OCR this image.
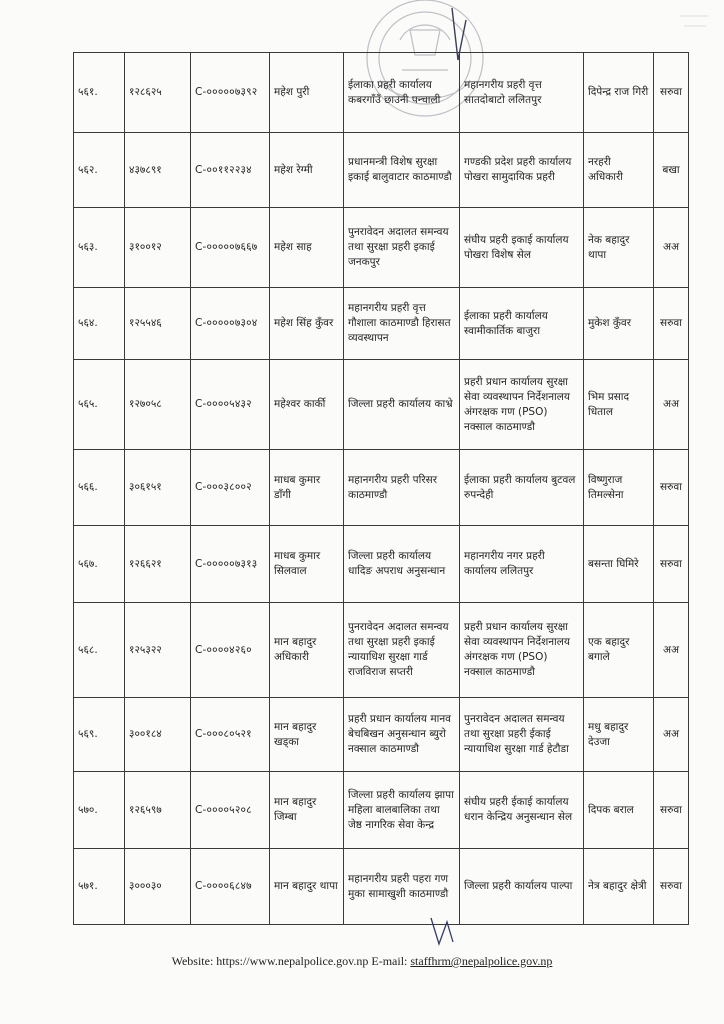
५६१.	१२८६२५	C-०००००७३९२	महेश पुरी	ईलाका प्रहरी कार्यालय कबरगाँउँ छाउनी पन्चाली	महानगरीय प्रहरी वृत्त सातदोबाटो ललितपुर	दिपेन्द्र राज गिरी	सरुवा
५६२.	४३७८९१	C-००११२२३४	महेश रेग्मी	प्रधानमन्त्री विशेष सुरक्षा इकाई बालुवाटार काठमाण्डौ	गण्डकी प्रदेश प्रहरी कार्यालय पोखरा सामुदायिक प्रहरी	नरहरी अधिकारी	बखा
५६३.	३१००१२	C-०००००७६६७	महेश साह	पुनरावेदन अदालत समन्वय तथा सुरक्षा प्रहरी इकाई जनकपुर	संघीय प्रहरी इकाई कार्यालय पोखरा विशेष सेल	नेक बहादुर थापा	अअ
५६४.	१२५५४६	C-०००००७३०४	महेश सिंह कुँवर	महानगरीय प्रहरी वृत्त गौशाला काठमाण्डौ हिरासत व्यवस्थापन	ईलाका प्रहरी कार्यालय स्वामीकार्तिक बाजुरा	मुकेश कुँवर	सरुवा
५६५.	१२७०५८	C-००००५४३२	महेश्वर कार्की	जिल्ला प्रहरी कार्यालय काभ्रे	प्रहरी प्रधान कार्यालय सुरक्षा सेवा व्यवस्थापन निर्देशनालय अंगरक्षक गण (PSO) नक्साल काठमाण्डौ	भिम प्रसाद धिताल	अअ
५६६.	३०६१५१	C-०००३८००२	माधब कुमार डाँगी	महानगरीय प्रहरी परिसर काठमाण्डौ	ईलाका प्रहरी कार्यालय बुटवल रुपन्देही	विष्णुराज तिमल्सेना	सरुवा
५६७.	१२६६२१	C-०००००७३१३	माधब कुमार सिलवाल	जिल्ला प्रहरी कार्यालय धादिङ अपराध अनुसन्धान	महानगरीय नगर प्रहरी कार्यालय ललितपुर	बसन्ता घिमिरे	सरुवा
५६८.	१२५३२२	C-००००४२६०	मान बहादुर अधिकारी	पुनरावेदन अदालत समन्वय तथा सुरक्षा प्रहरी इकाई न्यायाधिश सुरक्षा गार्ड राजविराज सप्तरी	प्रहरी प्रधान कार्यालय सुरक्षा सेवा व्यवस्थापन निर्देशनालय अंगरक्षक गण (PSO) नक्साल काठमाण्डौ	एक बहादुर बगाले	अअ
५६९.	३००१८४	C-०००८०५२१	मान बहादुर खड्का	प्रहरी प्रधान कार्यालय मानव बेचबिखन अनुसन्धान ब्युरो नक्साल काठमाण्डौ	पुनरावेदन अदालत समन्वय तथा सुरक्षा प्रहरी ईकाई न्यायाधिश सुरक्षा गार्ड हेटौडा	मधु बहादुर देउजा	अअ
५७०.	१२६५९७	C-००००५२०८	मान बहादुर जिम्बा	जिल्ला प्रहरी कार्यालय झापा महिला बालबालिका तथा जेष्ठ नागरिक सेवा केन्द्र	संघीय प्रहरी ईकाई कार्यालय धरान केन्द्रिय अनुसन्धान सेल	दिपक बराल	सरुवा
५७१.	३०००३०	C-००००६८४७	मान बहादुर थापा	महानगरीय प्रहरी पहरा गण मुका सामाखुशी काठमाण्डौ	जिल्ला प्रहरी कार्यालय पाल्पा	नेत्र बहादुर क्षेत्री	सरुवा
Website: https://www.nepalpolice.gov.np E-mail: staffhrm@nepalpolice.gov.np
